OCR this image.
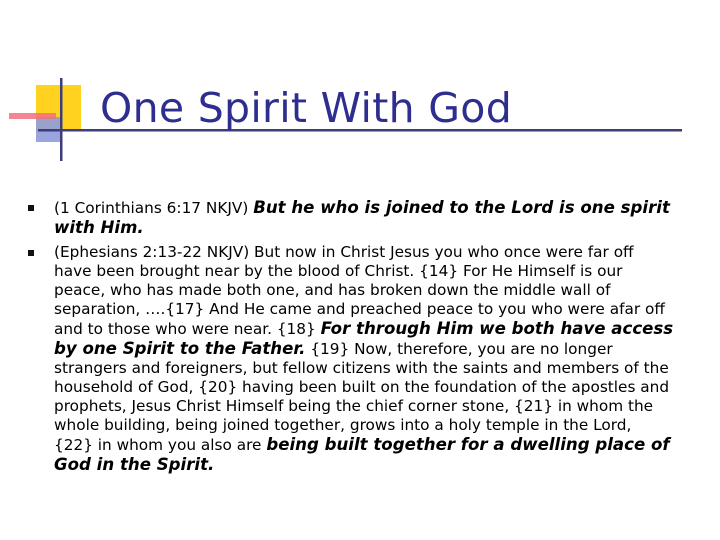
One Spirit With God
(1 Corinthians 6:17 NKJV) But he who is joined to the Lord is one spirit with Him.
(Ephesians 2:13-22 NKJV) But now in Christ Jesus you who once were far off have been brought near by the blood of Christ. {14} For He Himself is our peace, who has made both one, and has broken down the middle wall of separation, ….{17} And He came and preached peace to you who were afar off and to those who were near. {18} For through Him we both have access by one Spirit to the Father. {19} Now, therefore, you are no longer strangers and foreigners, but fellow citizens with the saints and members of the household of God, {20} having been built on the foundation of the apostles and prophets, Jesus Christ Himself being the chief corner stone, {21} in whom the whole building, being joined together, grows into a holy temple in the Lord, {22} in whom you also are being built together for a dwelling place of God in the Spirit.
